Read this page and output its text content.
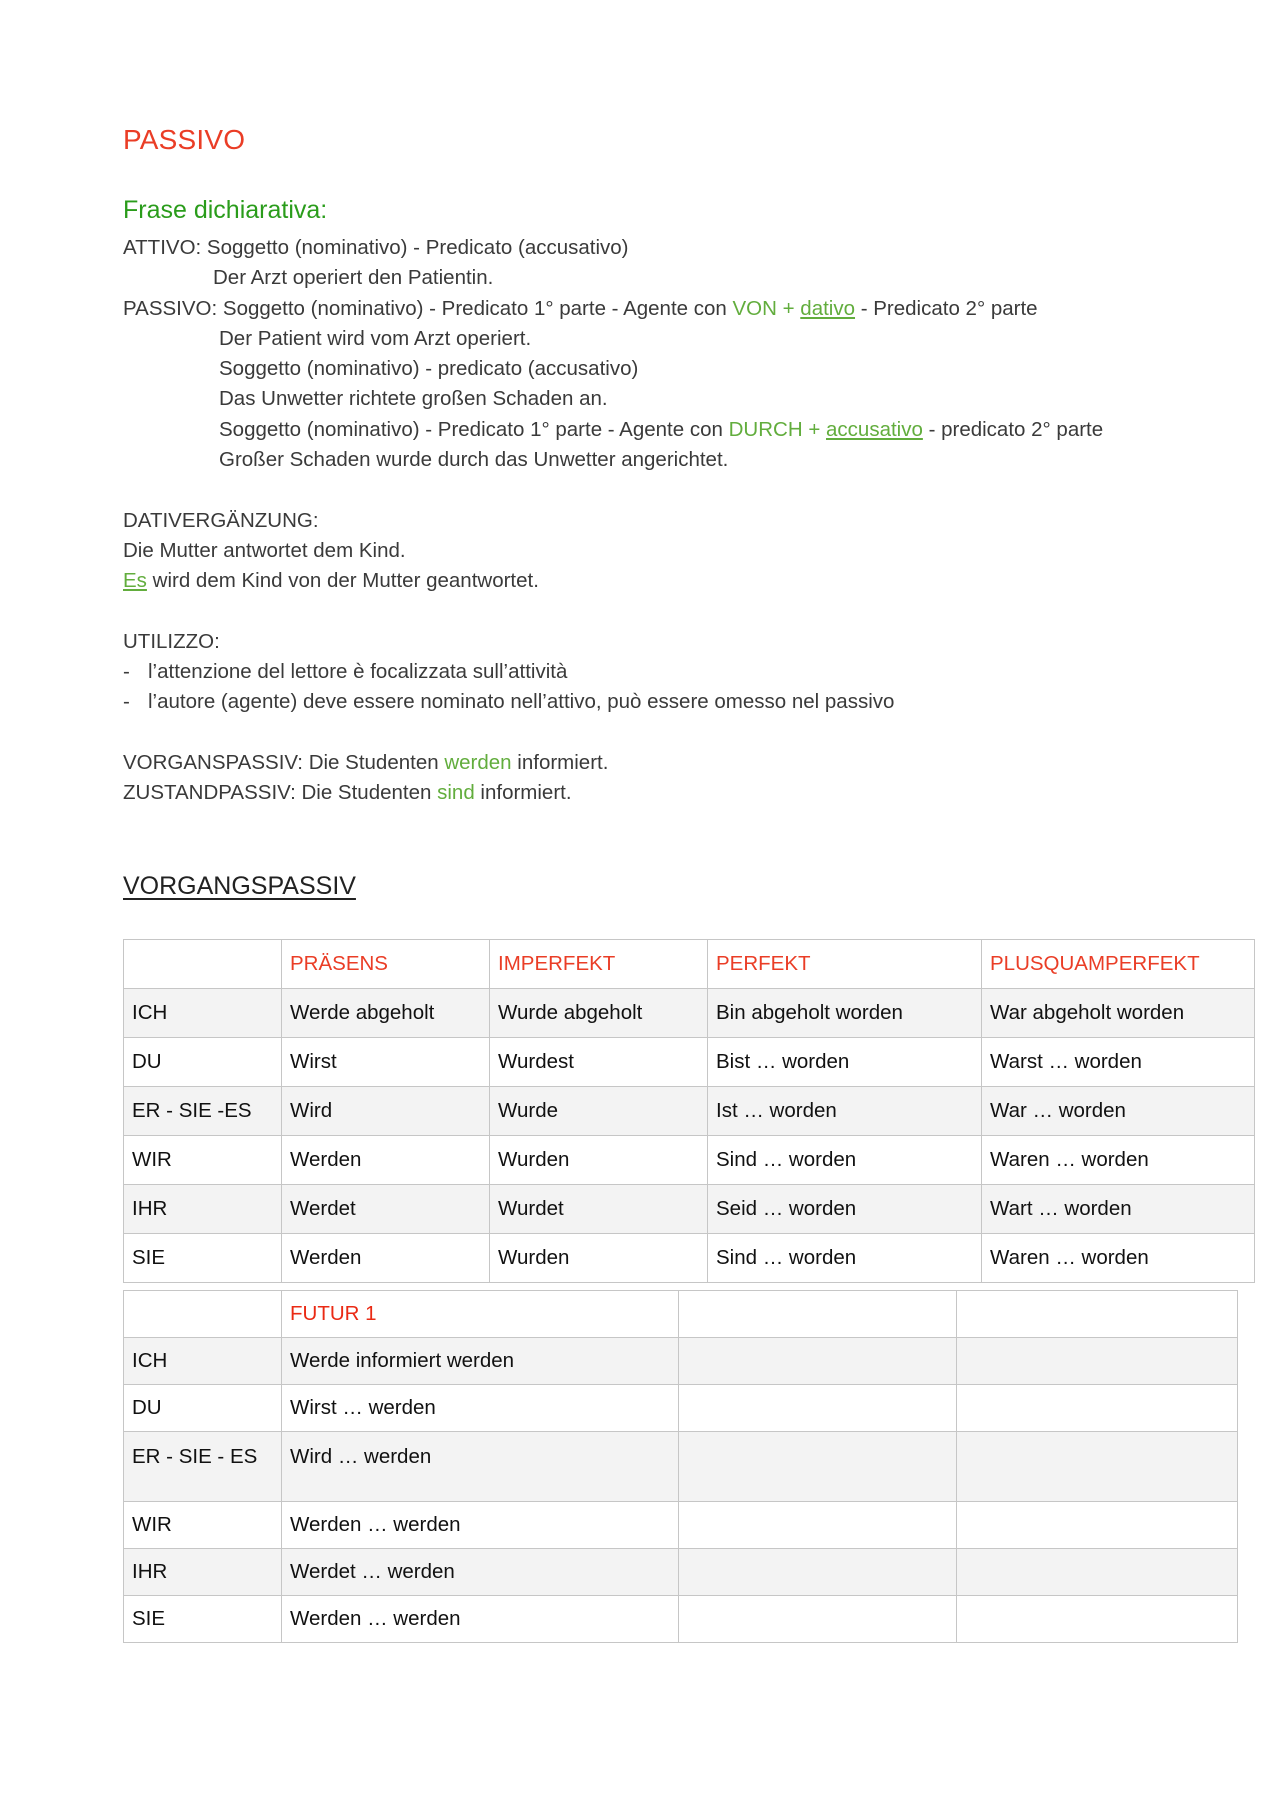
PASSIVO
Frase dichiarativa:
ATTIVO: Soggetto (nominativo) - Predicato (accusativo)
Der Arzt operiert den Patientin.
PASSIVO: Soggetto (nominativo) - Predicato 1° parte - Agente con VON + dativo - Predicato 2° parte
Der Patient wird vom Arzt operiert.
Soggetto (nominativo) - predicato (accusativo)
Das Unwetter richtete großen Schaden an.
Soggetto (nominativo) - Predicato 1° parte - Agente con DURCH + accusativo - predicato 2° parte
Großer Schaden wurde durch das Unwetter angerichtet.
DATIVERGÄNZUNG:
Die Mutter antwortet dem Kind.
Es wird dem Kind von der Mutter geantwortet.
UTILIZZO:
- l’attenzione del lettore è focalizzata sull’attività
- l’autore (agente) deve essere nominato nell’attivo, può essere omesso nel passivo
VORGANSPASSIV: Die Studenten werden informiert.
ZUSTANDPASSIV: Die Studenten sind informiert.
VORGANGSPASSIV
	PRÄSENS	IMPERFEKT	PERFEKT	PLUSQUAMPERFEKT
ICH	Werde abgeholt	Wurde abgeholt	Bin abgeholt worden	War abgeholt worden
DU	Wirst	Wurdest	Bist … worden	Warst … worden
ER - SIE -ES	Wird	Wurde	Ist … worden	War … worden
WIR	Werden	Wurden	Sind … worden	Waren … worden
IHR	Werdet	Wurdet	Seid … worden	Wart … worden
SIE	Werden	Wurden	Sind … worden	Waren … worden
	FUTUR 1		
ICH	Werde informiert werden		
DU	Wirst … werden		
ER - SIE - ES	Wird … werden		
WIR	Werden … werden		
IHR	Werdet … werden		
SIE	Werden … werden		
